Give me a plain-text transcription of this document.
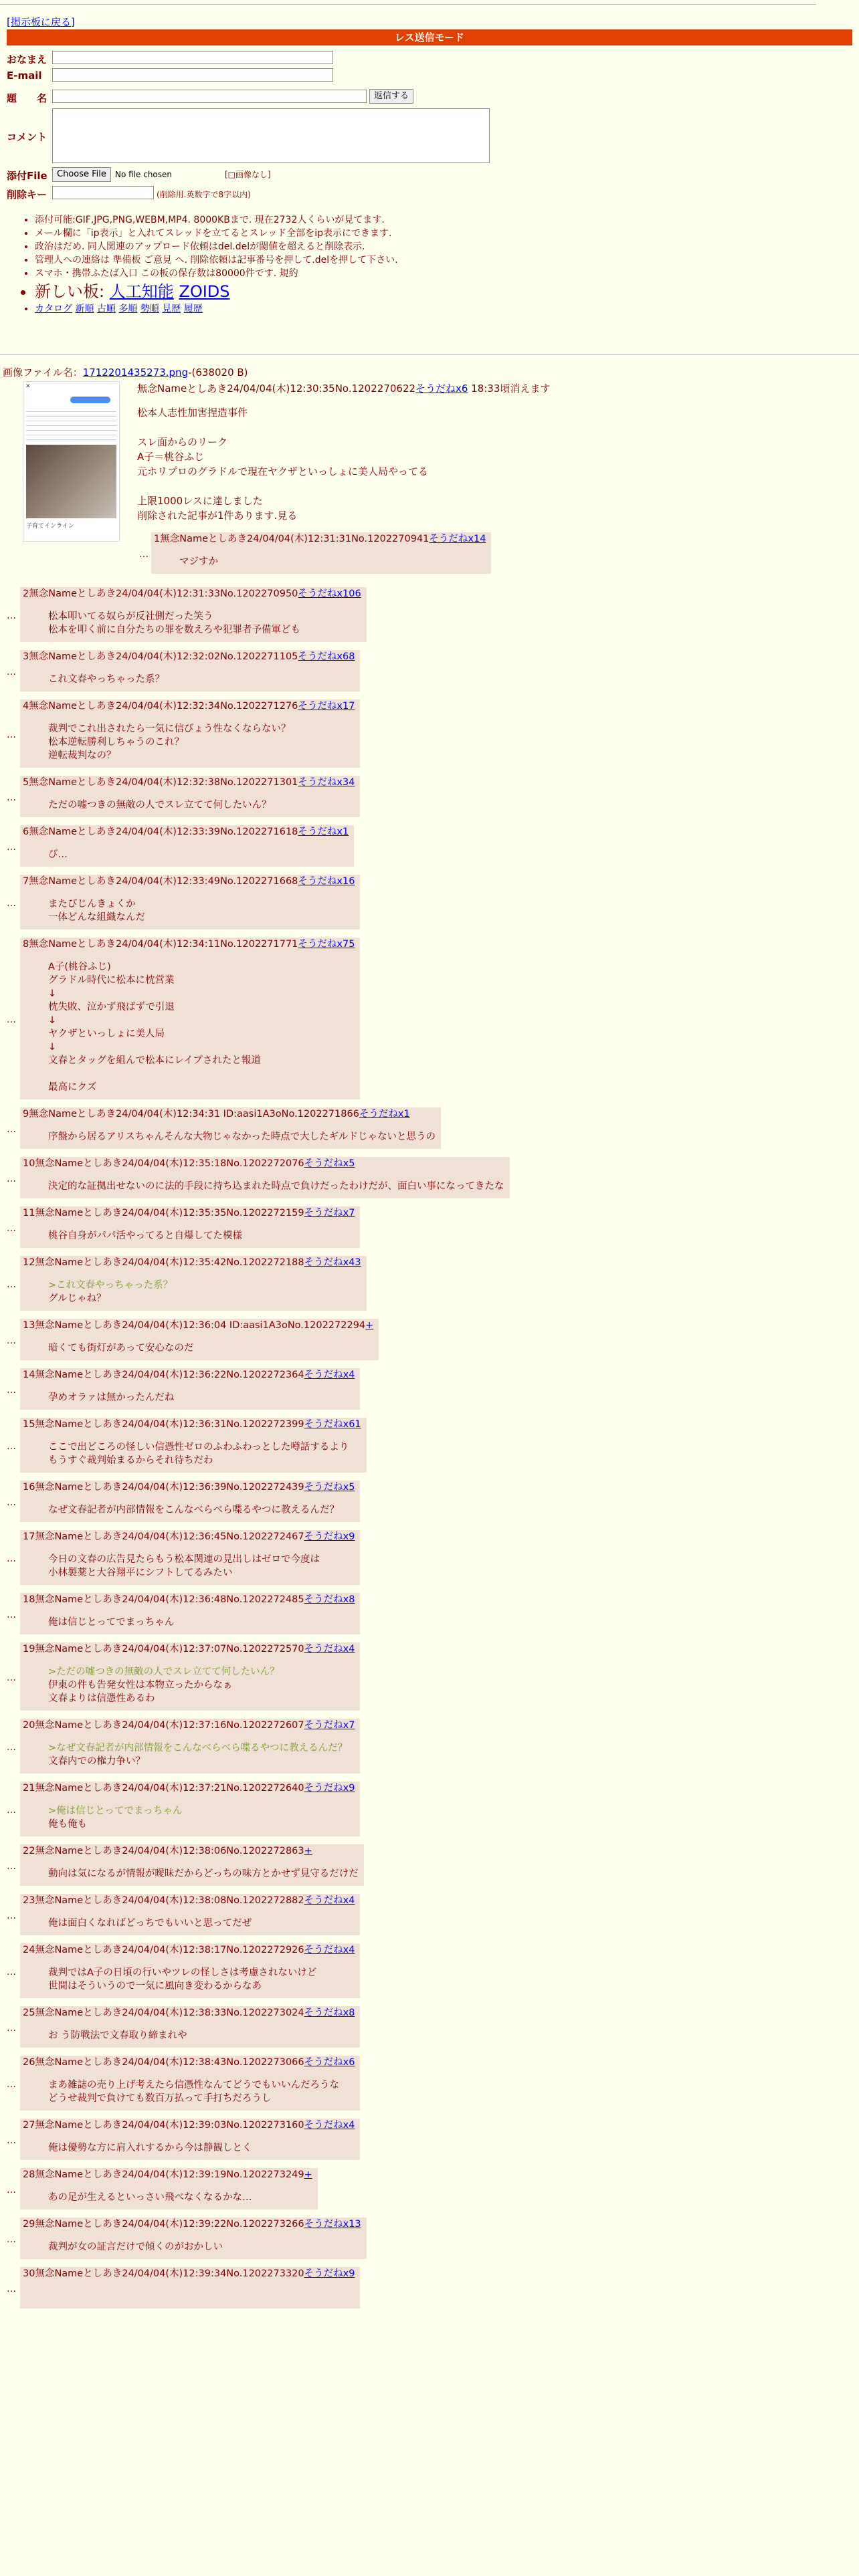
[掲示板に戻る]
レス送信モード
おなまえ
E-mail
題　　名	返信する
コメント
添付File	Choose File	No file chosen	[□画像なし]
削除キー	(削除用.英数字で8字以内)
• 添付可能:GIF,JPG,PNG,WEBM,MP4. 8000KBまで. 現在2732人くらいが見てます.
• メール欄に「ip表示」と入れてスレッドを立てるとスレッド全部をip表示にできます.
• 政治はだめ. 同人関連のアップロード依頼はdel.delが閾値を超えると削除表示.
• 管理人への連絡は 準備板 ご意見 へ. 削除依頼は記事番号を押して.delを押して下さい.
• スマホ・携帯ふたば入口 この板の保存数は80000件です. 規約
• 新しい板: 人工知能 ZOIDS
• カタログ 新順 古順 多順 勢順 見歴 履歴
画像ファイル名：1712201435273.png-(638020 B)
✕
子育てインライン
無念Nameとしあき24/04/04(木)12:30:35No.1202270622そうだねx6 18:33頃消えます
松本人志性加害捏造事件

スレ面からのリーク
A子＝桃谷ふじ
元ホリプロのグラドルで現在ヤクザといっしょに美人局やってる

上限1000レスに達しました
削除された記事が1件あります.見る
1無念Nameとしあき24/04/04(木)12:31:31No.1202270941そうだねx14
マジすか
…
2無念Nameとしあき24/04/04(木)12:31:33No.1202270950そうだねx106
松本叩いてる奴らが反社側だった笑う
松本を叩く前に自分たちの罪を数えろや犯罪者予備軍ども
…
3無念Nameとしあき24/04/04(木)12:32:02No.1202271105そうだねx68
これ文春やっちゃった系？
…
4無念Nameとしあき24/04/04(木)12:32:34No.1202271276そうだねx17
裁判でこれ出されたら一気に信びょう性なくならない？
松本逆転勝利しちゃうのこれ？
逆転裁判なの？
…
5無念Nameとしあき24/04/04(木)12:32:38No.1202271301そうだねx34
ただの嘘つきの無敵の人でスレ立てて何したいん？
…
6無念Nameとしあき24/04/04(木)12:33:39No.1202271618そうだねx1
び…
…
7無念Nameとしあき24/04/04(木)12:33:49No.1202271668そうだねx16
またびじんきょくか
一体どんな組織なんだ
…
8無念Nameとしあき24/04/04(木)12:34:11No.1202271771そうだねx75
A子(桃谷ふじ)
グラドル時代に松本に枕営業
↓
枕失敗、泣かず飛ばずで引退
↓
ヤクザといっしょに美人局
↓
文春とタッグを組んで松本にレイプされたと報道

最高にクズ
…
9無念Nameとしあき24/04/04(木)12:34:31 ID:aasi1A3oNo.1202271866そうだねx1
序盤から居るアリスちゃんそんな大物じゃなかった時点で大したギルドじゃないと思うの
…
10無念Nameとしあき24/04/04(木)12:35:18No.1202272076そうだねx5
決定的な証拠出せないのに法的手段に持ち込まれた時点で負けだったわけだが、面白い事になってきたな
…
11無念Nameとしあき24/04/04(木)12:35:35No.1202272159そうだねx7
桃谷自身がパパ活やってると自爆してた模様
…
12無念Nameとしあき24/04/04(木)12:35:42No.1202272188そうだねx43
>これ文春やっちゃった系？
グルじゃね？
…
13無念Nameとしあき24/04/04(木)12:36:04 ID:aasi1A3oNo.1202272294+
暗くても街灯があって安心なのだ
…
14無念Nameとしあき24/04/04(木)12:36:22No.1202272364そうだねx4
孕めオラァは無かったんだね
…
15無念Nameとしあき24/04/04(木)12:36:31No.1202272399そうだねx61
ここで出どころの怪しい信憑性ゼロのふわふわっとした噂話するより
もうすぐ裁判始まるからそれ待ちだわ
…
16無念Nameとしあき24/04/04(木)12:36:39No.1202272439そうだねx5
なぜ文春記者が内部情報をこんなべらべら喋るやつに教えるんだ？
…
17無念Nameとしあき24/04/04(木)12:36:45No.1202272467そうだねx9
今日の文春の広告見たらもう松本関連の見出しはゼロで今度は
小林製薬と大谷翔平にシフトしてるみたい
…
18無念Nameとしあき24/04/04(木)12:36:48No.1202272485そうだねx8
俺は信じとってでまっちゃん
…
19無念Nameとしあき24/04/04(木)12:37:07No.1202272570そうだねx4
>ただの嘘つきの無敵の人でスレ立てて何したいん？
伊東の件も告発女性は本物立ったからなぁ
文春よりは信憑性あるわ
…
20無念Nameとしあき24/04/04(木)12:37:16No.1202272607そうだねx7
>なぜ文春記者が内部情報をこんなべらべら喋るやつに教えるんだ？
文春内での権力争い？
…
21無念Nameとしあき24/04/04(木)12:37:21No.1202272640そうだねx9
>俺は信じとってでまっちゃん
俺も俺も
…
22無念Nameとしあき24/04/04(木)12:38:06No.1202272863+
動向は気になるが情報が曖昧だからどっちの味方とかせず見守るだけだ
…
23無念Nameとしあき24/04/04(木)12:38:08No.1202272882そうだねx4
俺は面白くなればどっちでもいいと思ってだぜ
…
24無念Nameとしあき24/04/04(木)12:38:17No.1202272926そうだねx4
裁判ではA子の日頃の行いやツレの怪しさは考慮されないけど
世間はそういうので一気に風向き変わるからなあ
…
25無念Nameとしあき24/04/04(木)12:38:33No.1202273024そうだねx8
お う防戦法で文春取り締まれや
…
26無念Nameとしあき24/04/04(木)12:38:43No.1202273066そうだねx6
まあ雑誌の売り上げ考えたら信憑性なんてどうでもいいんだろうな
どうせ裁判で負けても数百万払って手打ちだろうし
…
27無念Nameとしあき24/04/04(木)12:39:03No.1202273160そうだねx4
俺は優勢な方に肩入れするから今は静観しとく
…
28無念Nameとしあき24/04/04(木)12:39:19No.1202273249+
あの足が生えるといっさい飛べなくなるかな…
…
29無念Nameとしあき24/04/04(木)12:39:22No.1202273266そうだねx13
裁判が女の証言だけで傾くのがおかしい
…
30無念Nameとしあき24/04/04(木)12:39:34No.1202273320そうだねx9
…
